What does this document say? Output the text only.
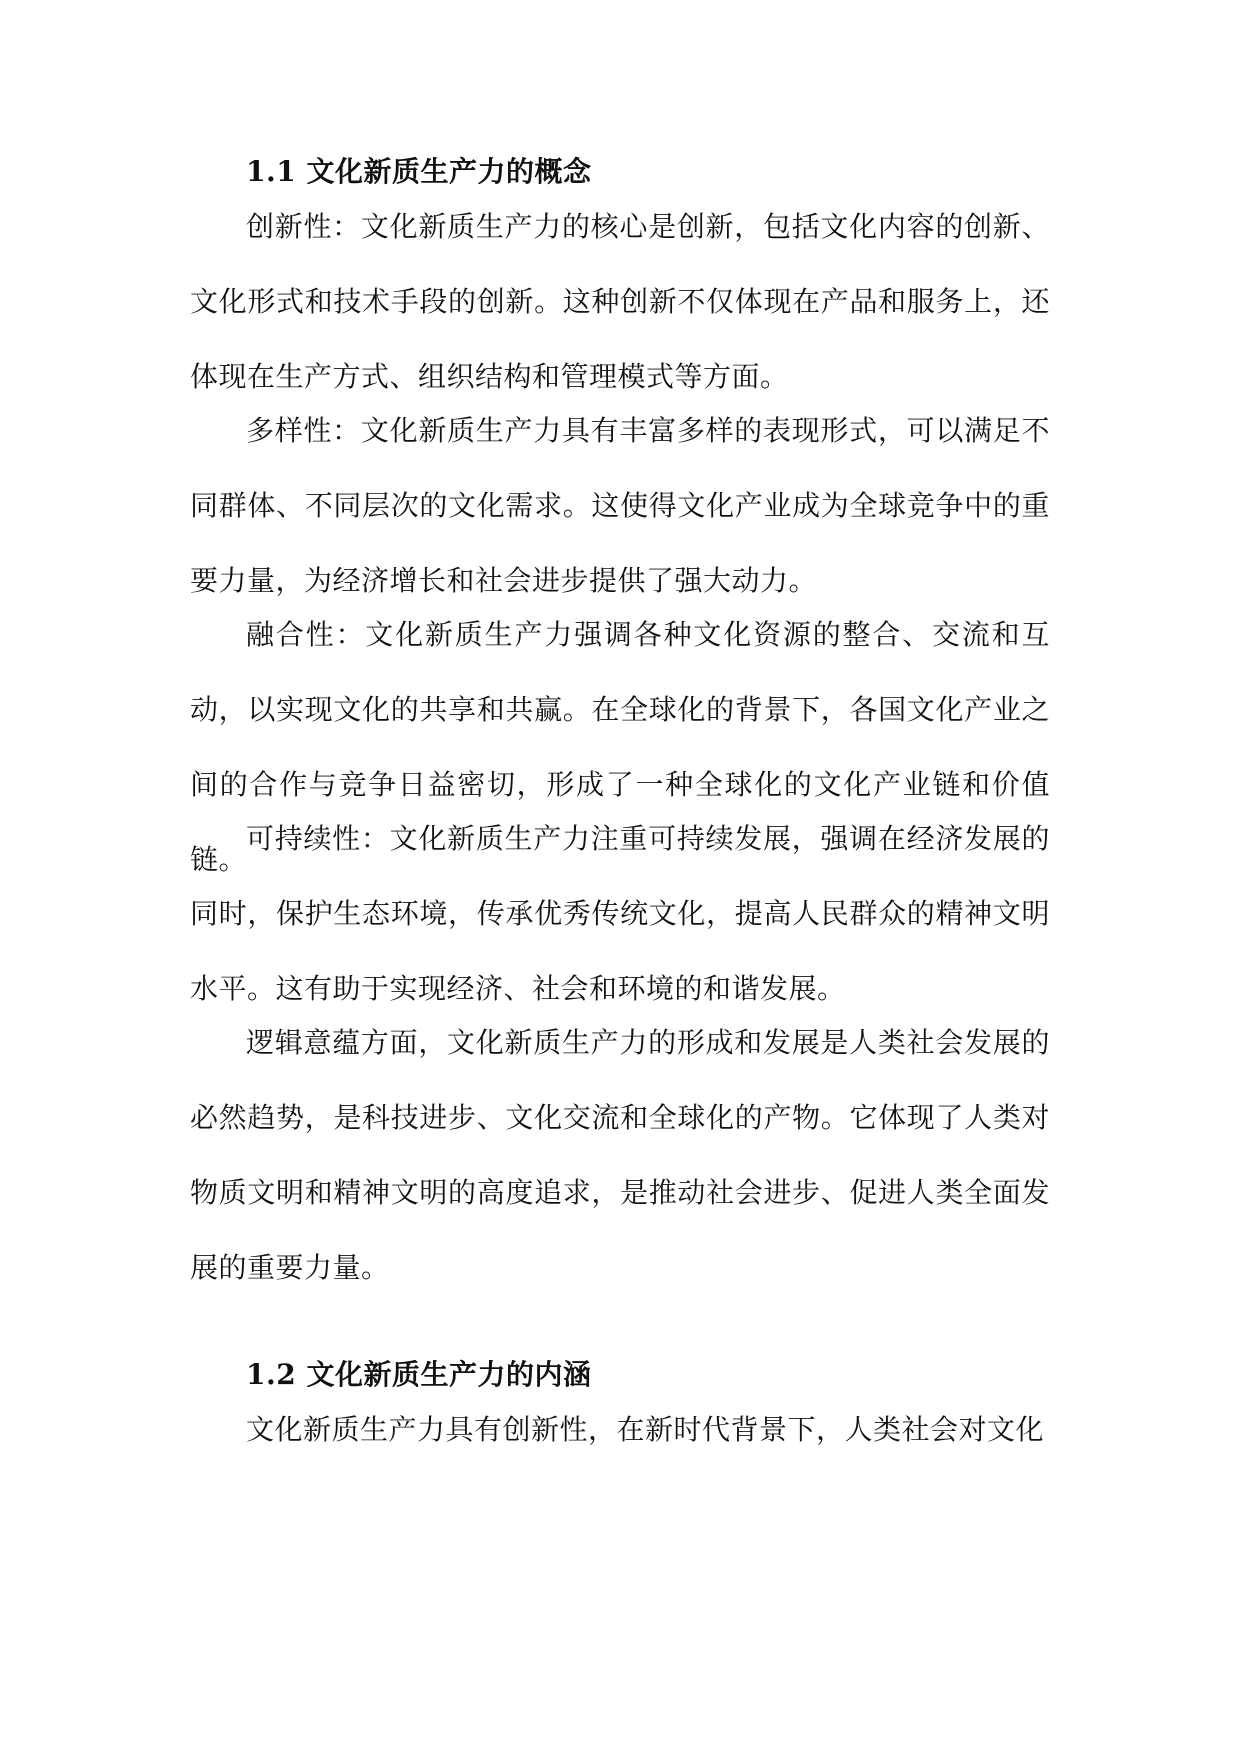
1.1 文化新质生产力的概念

创新性：文化新质生产力的核心是创新，包括文化内容的创新、文化形式和技术手段的创新。这种创新不仅体现在产品和服务上，还体现在生产方式、组织结构和管理模式等方面。

多样性：文化新质生产力具有丰富多样的表现形式，可以满足不同群体、不同层次的文化需求。这使得文化产业成为全球竞争中的重要力量，为经济增长和社会进步提供了强大动力。

融合性：文化新质生产力强调各种文化资源的整合、交流和互动，以实现文化的共享和共赢。在全球化的背景下，各国文化产业之间的合作与竞争日益密切，形成了一种全球化的文化产业链和价值链。

可持续性：文化新质生产力注重可持续发展，强调在经济发展的同时，保护生态环境，传承优秀传统文化，提高人民群众的精神文明水平。这有助于实现经济、社会和环境的和谐发展。

逻辑意蕴方面，文化新质生产力的形成和发展是人类社会发展的必然趋势，是科技进步、文化交流和全球化的产物。它体现了人类对物质文明和精神文明的高度追求，是推动社会进步、促进人类全面发展的重要力量。

1.2 文化新质生产力的内涵

文化新质生产力具有创新性，在新时代背景下，人类社会对文化
